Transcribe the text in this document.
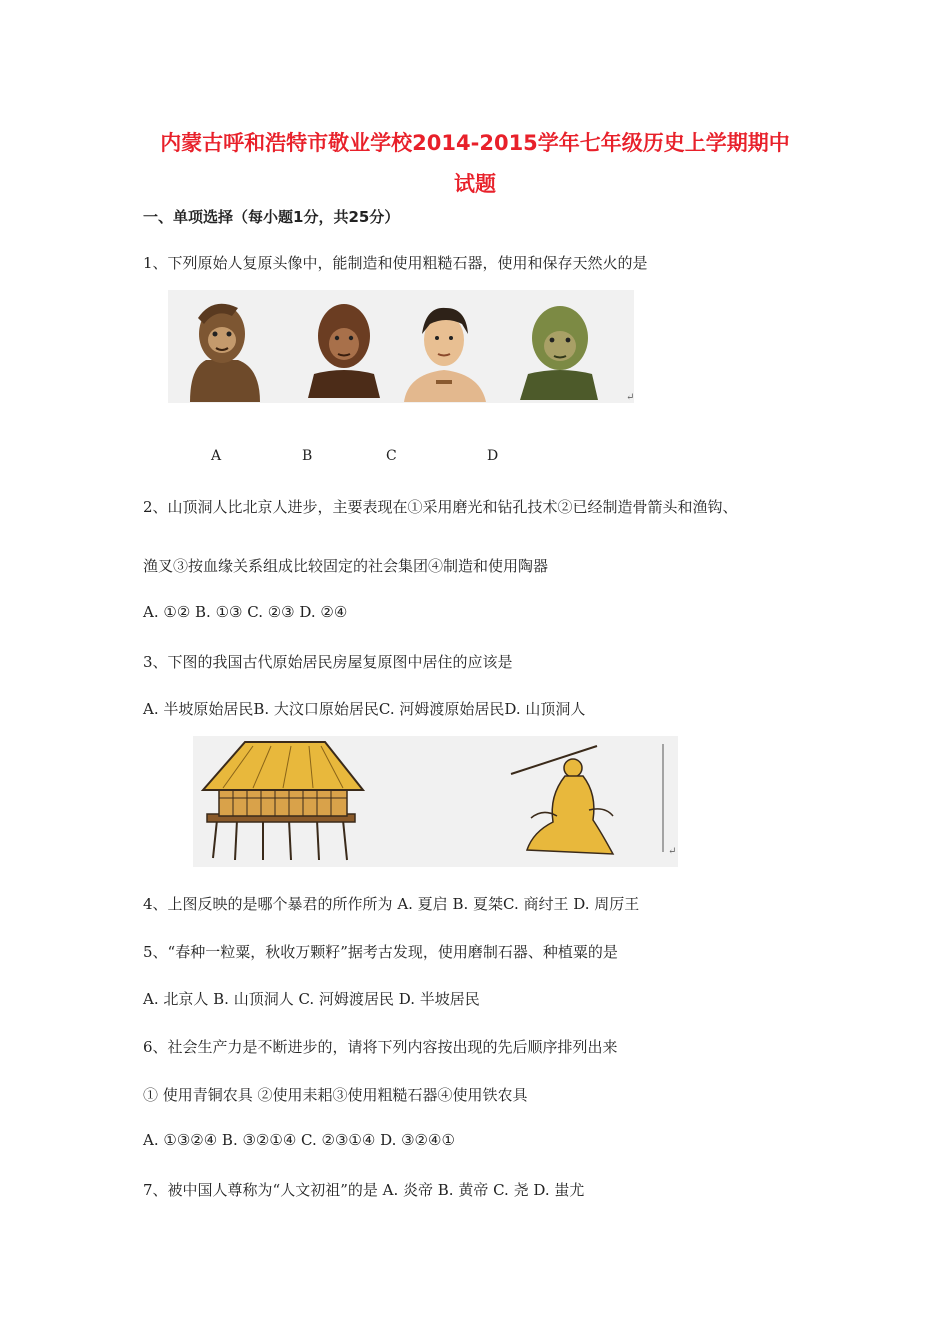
内蒙古呼和浩特市敬业学校2014-2015学年七年级历史上学期期中
试题
一、单项选择（每小题1分，共25分）
1、下列原始人复原头像中，能制造和使用粗糙石器，使用和保存天然火的是
↵
A	B	C	D
2、山顶洞人比北京人进步，主要表现在①采用磨光和钻孔技术②已经制造骨箭头和渔钩、
渔叉③按血缘关系组成比较固定的社会集团④制造和使用陶器
A. ①② B. ①③ C. ②③ D. ②④
3、下图的我国古代原始居民房屋复原图中居住的应该是
A. 半坡原始居民B. 大汶口原始居民C. 河姆渡原始居民D. 山顶洞人
↵
4、上图反映的是哪个暴君的所作所为 A. 夏启 B. 夏桀C. 商纣王 D. 周厉王
5、“春种一粒粟，秋收万颗籽”据考古发现，使用磨制石器、种植粟的是
A. 北京人 B. 山顶洞人 C. 河姆渡居民 D. 半坡居民
6、社会生产力是不断进步的，请将下列内容按出现的先后顺序排列出来
① 使用青铜农具 ②使用耒耜③使用粗糙石器④使用铁农具
A. ①③②④ B. ③②①④ C. ②③①④ D. ③②④①
7、被中国人尊称为“人文初祖”的是 A. 炎帝 B. 黄帝 C. 尧 D. 蚩尤
